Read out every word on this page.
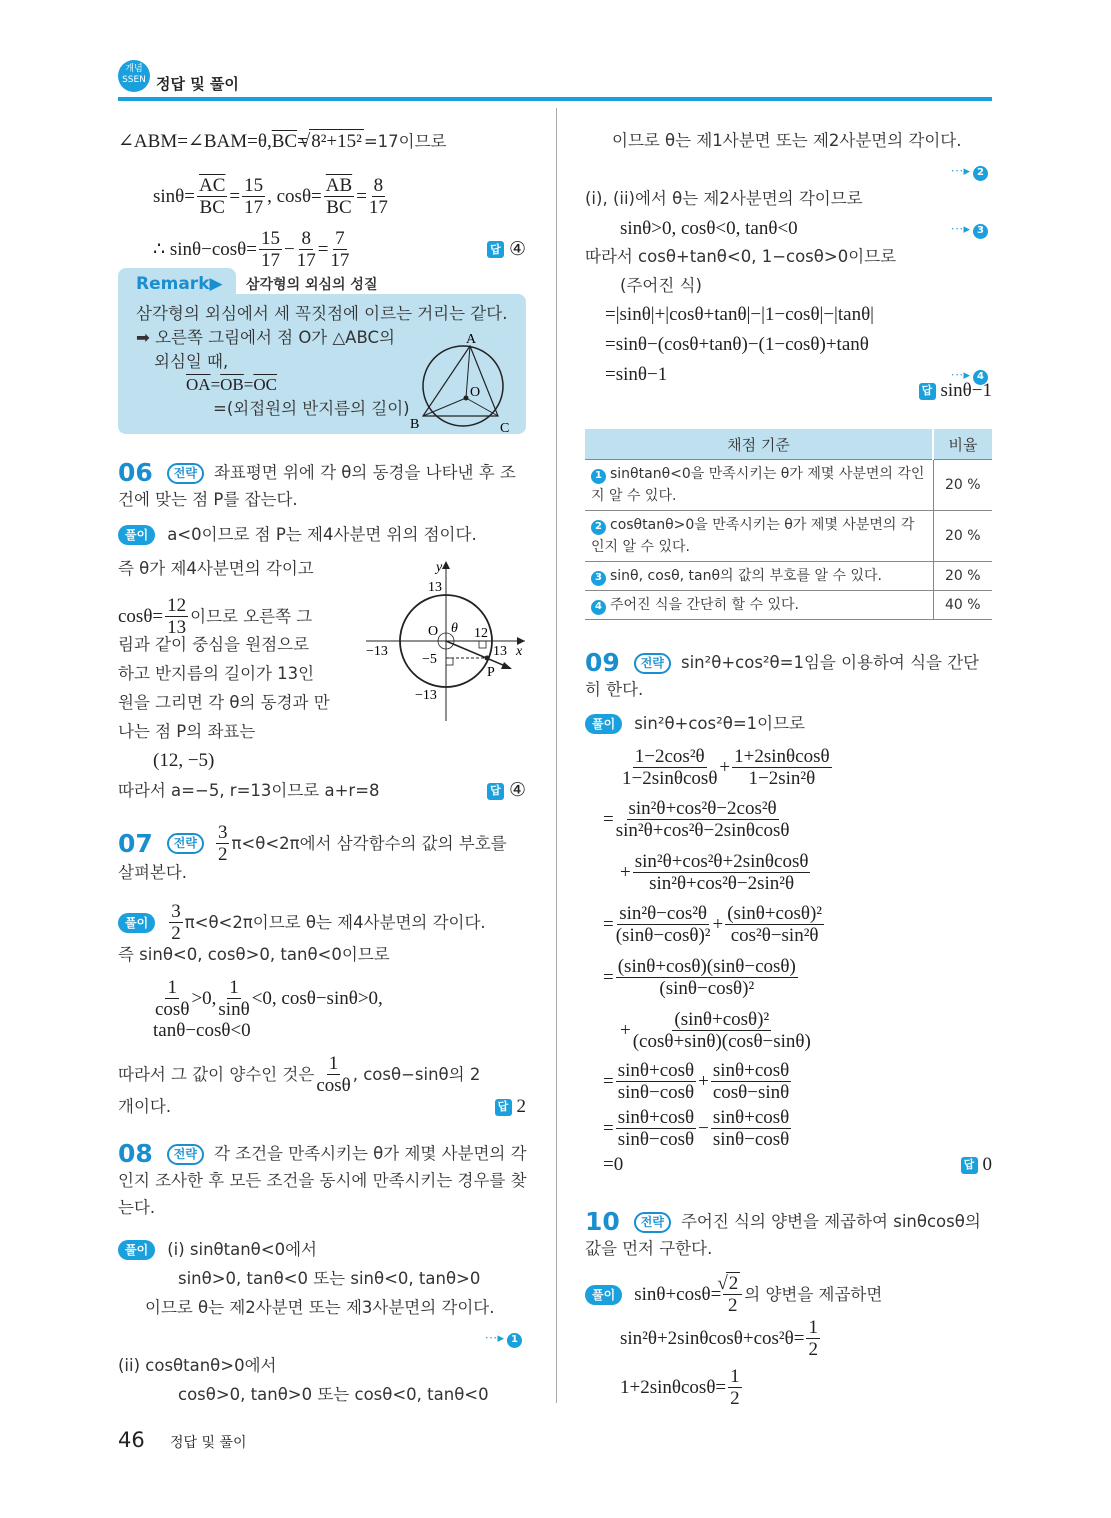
개념 SSEN 정답 및 풀이
∠ABM=∠BAM=θ, $\overline{BC}$ = √ 8²+15² =17이므로
$\sin\theta= \frac{\overline{AC}}{BC} = \frac{15}{17}$ , $\cos\theta= \frac{\overline{AB}}{BC} = \frac{8}{17}$
∴ $\sin\theta-\cos\theta= \frac{15}{17} - \frac{8}{17} = \frac{7}{17}$	답 ④
Remark▶ 삼각형의 외심의 성질
삼각형의 외심에서 세 꼭짓점에 이르는 거리는 같다.
➡ 오른쪽 그림에서 점 O가 △ABC의
외심일 때,
$\overline{OA} = \overline{OB} = \overline{OC}$
=(외접원의 반지름의 길이)
A
B	C
O
06	전략	좌표평면 위에 각 θ의 동경을 나타낸 후 조
건에 맞는 점 P를 잡는다.
풀이	a<0이므로 점 P는 제4사분면 위의 점이다.
즉 θ가 제4사분면의 각이고
$\cos\theta= \frac{12}{13}$ 이므로 오른쪽 그
림과 같이 중심을 원점으로
하고 반지름의 길이가 13인
원을 그리면 각 θ의 동경과 만
나는 점 P의 좌표는
(12, −5)
따라서 a=−5, r=13이므로 a+r=8	답 ④
y
x
13
−13
−13	13
O θ 12
−5
P
07	전략	$\frac{3}{2} \pi<\theta<2\pi$에서 삼각함수의 값의 부호를
살펴본다.
풀이	$\frac{3}{2} \pi<\theta<2\pi$이므로 θ는 제4사분면의 각이다.
즉 sinθ<0, cosθ>0, tanθ<0이므로
$\frac{1}{\cos\theta} >0$, $\frac{1}{\sin\theta} <0$, cosθ−sinθ>0,
tanθ−cosθ<0
따라서 그 값이 양수인 것은 $\frac{1}{\cos\theta}$ , cosθ−sinθ의 2
개이다.	답 2
08	전략	각 조건을 만족시키는 θ가 제몇 사분면의 각
인지 조사한 후 모든 조건을 동시에 만족시키는 경우를 찾
는다.
풀이	(i) sinθtanθ<0에서
sinθ>0, tanθ<0 또는 sinθ<0, tanθ>0
이므로 θ는 제2사분면 또는 제3사분면의 각이다.
···▸ 1
(ii) cosθtanθ>0에서
cosθ>0, tanθ>0 또는 cosθ<0, tanθ<0
이므로 θ는 제1사분면 또는 제2사분면의 각이다.
···▸ 2
(i), (ii)에서 θ는 제2사분면의 각이므로
sinθ>0, cosθ<0, tanθ<0	···▸ 3
따라서 cosθ+tanθ<0, 1−cosθ>0이므로
(주어진 식)
=|sinθ|+|cosθ+tanθ|−|1−cosθ|−|tanθ|
=sinθ−(cosθ+tanθ)−(1−cosθ)+tanθ
=sinθ−1	···▸ 4
답 sinθ−1
채점 기준	비율
1 sinθtanθ<0을 만족시키는 θ가 제몇 사분면의 각인지 알 수 있다.	20 %
2 cosθtanθ>0을 만족시키는 θ가 제몇 사분면의 각인지 알 수 있다.	20 %
3 sinθ, cosθ, tanθ의 값의 부호를 알 수 있다.	20 %
4 주어진 식을 간단히 할 수 있다.	40 %
09	전략	sin²θ+cos²θ=1임을 이용하여 식을 간단
히 한다.
풀이	sin²θ+cos²θ=1이므로
$\frac{\text{1−2cos²θ}}{1-2\sin\theta\cos\theta} + \frac{1+2\sin\theta\cos\theta}{\text{1−2sin²θ}}$
= $\frac{\text{sin²θ+cos²θ−2cos²θ}}{\text{sin²θ+cos²θ−2sinθcosθ}}$
+ $\frac{\text{sin²θ+cos²θ+2sinθcosθ}}{\text{sin²θ+cos²θ−2sin²θ}}$
= $\frac{\text{sin²θ−cos²θ}}{\text{(sinθ−cosθ)²}} + \frac{\text{(sinθ+cosθ)²}}{\text{cos²θ−sin²θ}}$
= $\frac{(\sin\theta+\cos\theta)(\sin\theta-\cos\theta)}{\text{(sinθ−cosθ)²}}$
+ $\frac{\text{(sinθ+cosθ)²}}{(\cos\theta+\sin\theta)(\cos\theta-\sin\theta)}$
= $\frac{\sin\theta+\cos\theta}{\sin\theta-\cos\theta} + \frac{\sin\theta+\cos\theta}{\cos\theta-\sin\theta}$
= $\frac{\sin\theta+\cos\theta}{\sin\theta-\cos\theta} - \frac{\sin\theta+\cos\theta}{\sin\theta-\cos\theta}$
=0	답 0
10	전략	주어진 식의 양변을 제곱하여 sinθcosθ의
값을 먼저 구한다.
풀이	sinθ+cosθ= √ $\frac{2}{2}$ 의 양변을 제곱하면
$\sin^2\theta+2\sin\theta\cos\theta+\cos^2\theta= \frac{1}{2}$
$1+2\sin\theta\cos\theta= \frac{1}{2}$
46 정답 및 풀이
